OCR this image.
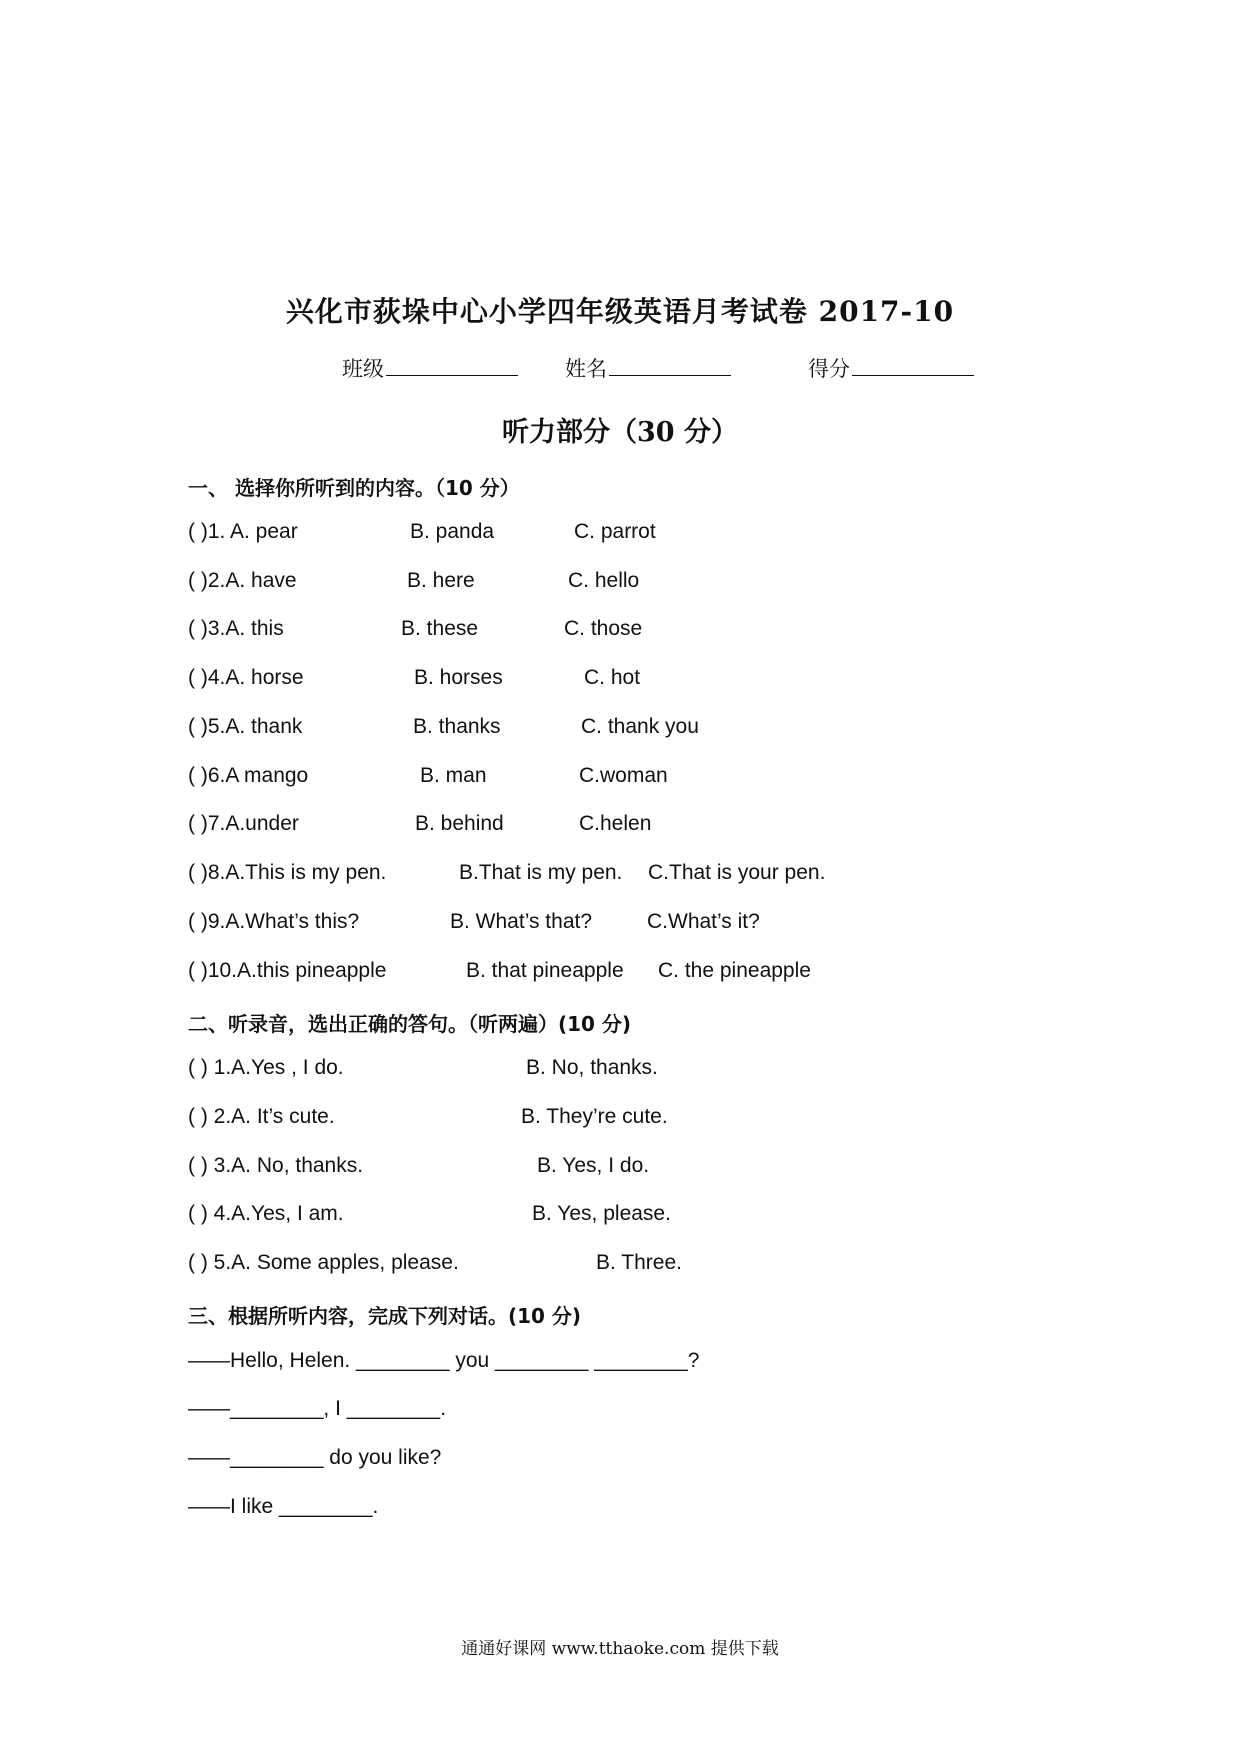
兴化市荻垛中心小学四年级英语月考试卷 2017-10
班级	姓名	得分
听力部分（30 分）
一、 选择你所听到的内容。（10 分）
( )1. A. pear	B. panda	C. parrot
( )2.A. have	B. here	C. hello
( )3.A. this	B. these	C. those
( )4.A. horse	B. horses	C. hot
( )5.A. thank	B. thanks	C. thank you
( )6.A mango	B. man	C.woman
( )7.A.under	B. behind	C.helen
( )8.A.This is my pen.	B.That is my pen. C.That is your pen.
( )9.A.What’s this?	B. What’s that?	C.What’s it?
( )10.A.this pineapple	B. that pineapple C. the pineapple
二、听录音，选出正确的答句。（听两遍）(10 分)
( ) 1.A.Yes , I do.	B. No, thanks.
( ) 2.A. It’s cute.	B. They’re cute.
( ) 3.A. No, thanks.	B. Yes, I do.
( ) 4.A.Yes, I am.	B. Yes, please.
( ) 5.A. Some apples, please.	B. Three.
三、根据所听内容，完成下列对话。(10 分)
——Hello, Helen. ________ you ________ ________?
——________, I ________.
——________ do you like?
——I like ________.
通通好课网 www.tthaoke.com 提供下载
